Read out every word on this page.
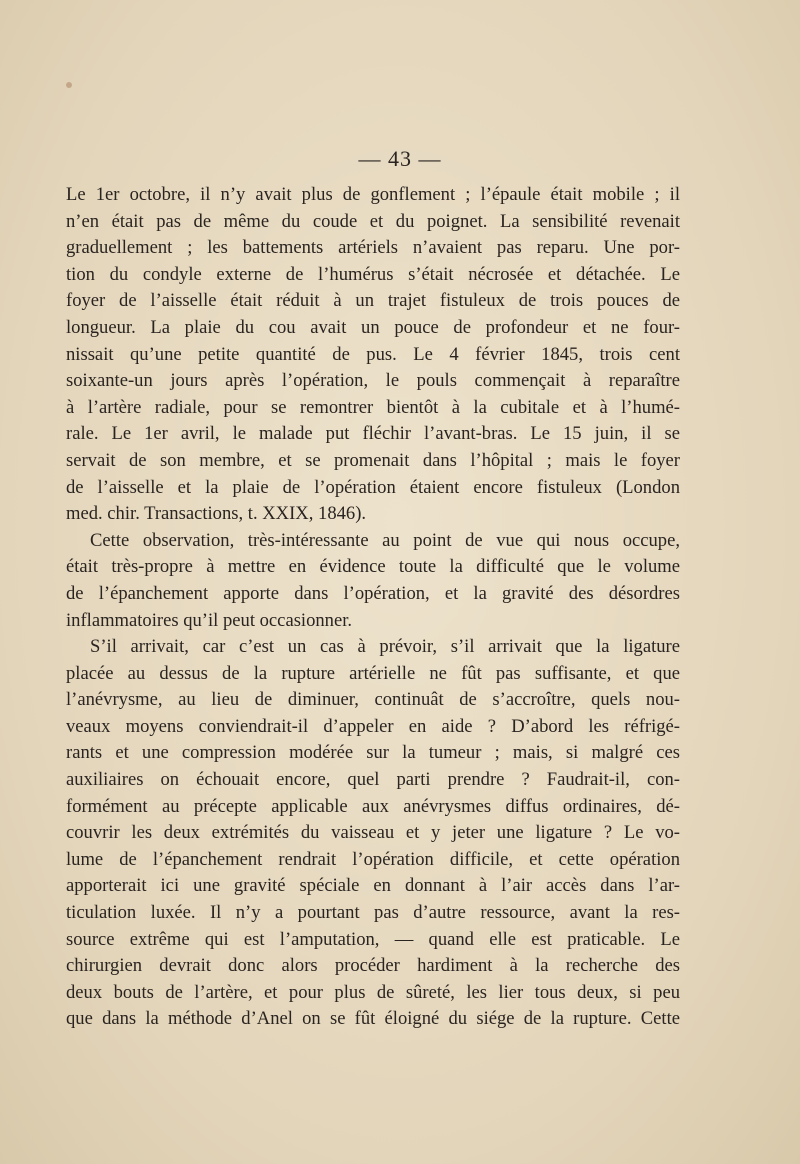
— 43 —
Le 1er octobre, il n’y avait plus de gonflement ; l’épaule était mobile ; il
n’en était pas de même du coude et du poignet. La sensibilité revenait
graduellement ; les battements artériels n’avaient pas reparu. Une por-
tion du condyle externe de l’humérus s’était nécrosée et détachée. Le
foyer de l’aisselle était réduit à un trajet fistuleux de trois pouces de
longueur. La plaie du cou avait un pouce de profondeur et ne four-
nissait qu’une petite quantité de pus. Le 4 février 1845, trois cent
soixante-un jours après l’opération, le pouls commençait à reparaître
à l’artère radiale, pour se remontrer bientôt à la cubitale et à l’humé-
rale. Le 1er avril, le malade put fléchir l’avant-bras. Le 15 juin, il se
servait de son membre, et se promenait dans l’hôpital ; mais le foyer
de l’aisselle et la plaie de l’opération étaient encore fistuleux (London
med. chir. Transactions, t. XXIX, 1846).
Cette observation, très-intéressante au point de vue qui nous occupe,
était très-propre à mettre en évidence toute la difficulté que le volume
de l’épanchement apporte dans l’opération, et la gravité des désordres
inflammatoires qu’il peut occasionner.
S’il arrivait, car c’est un cas à prévoir, s’il arrivait que la ligature
placée au dessus de la rupture artérielle ne fût pas suffisante, et que
l’anévrysme, au lieu de diminuer, continuât de s’accroître, quels nou-
veaux moyens conviendrait-il d’appeler en aide ? D’abord les réfrigé-
rants et une compression modérée sur la tumeur ; mais, si malgré ces
auxiliaires on échouait encore, quel parti prendre ? Faudrait-il, con-
formément au précepte applicable aux anévrysmes diffus ordinaires, dé-
couvrir les deux extrémités du vaisseau et y jeter une ligature ? Le vo-
lume de l’épanchement rendrait l’opération difficile, et cette opération
apporterait ici une gravité spéciale en donnant à l’air accès dans l’ar-
ticulation luxée. Il n’y a pourtant pas d’autre ressource, avant la res-
source extrême qui est l’amputation, — quand elle est praticable. Le
chirurgien devrait donc alors procéder hardiment à la recherche des
deux bouts de l’artère, et pour plus de sûreté, les lier tous deux, si peu
que dans la méthode d’Anel on se fût éloigné du siége de la rupture. Cette
